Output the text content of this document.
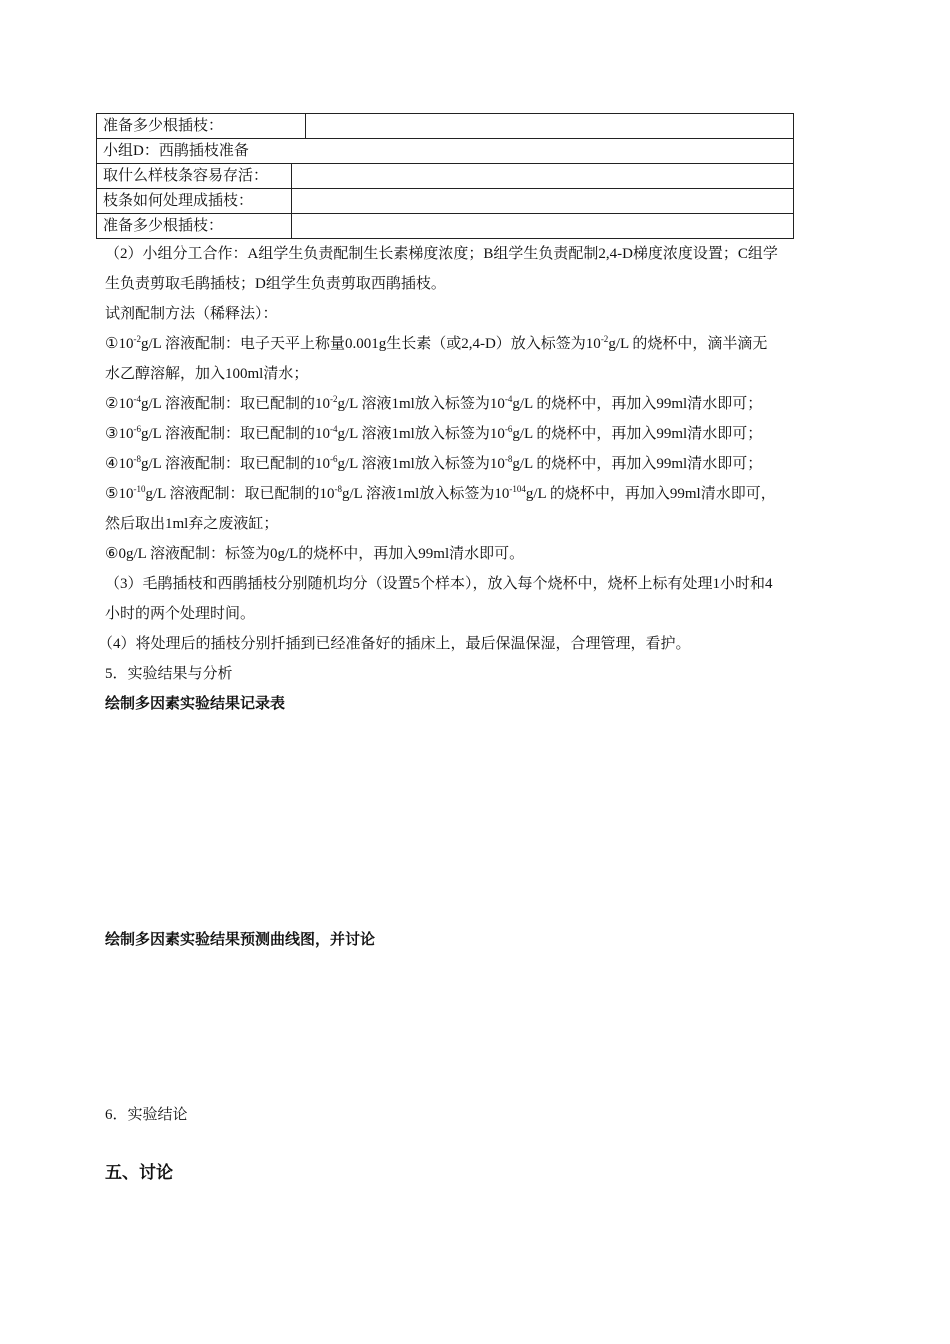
准备多少根插枝：	
小组D：西鹃插枝准备
取什么样枝条容易存活：	
枝条如何处理成插枝：	
准备多少根插枝：	
（2）小组分工合作：A组学生负责配制生长素梯度浓度；B组学生负责配制2,4-D梯度浓度设置；C组学
生负责剪取毛鹃插枝；D组学生负责剪取西鹃插枝。
试剂配制方法（稀释法）：
$①10^{-2}g/L$ 溶液配制：电子天平上称量0.001g生长素（或2,4-D）放入标签为$10^{-2}g/L$ 的烧杯中，滴半滴无
水乙醇溶解，加入100ml清水；
$②10^{-4}g/L$ 溶液配制：取已配制的$10^{-2}g/L$ 溶液1ml放入标签为$10^{-4}g/L$ 的烧杯中，再加入99ml清水即可；
$③10^{-6}g/L$ 溶液配制：取已配制的$10^{-4}g/L$ 溶液1ml放入标签为$10^{-6}g/L$ 的烧杯中，再加入99ml清水即可；
$④10^{-8}g/L$ 溶液配制：取已配制的$10^{-6}g/L$ 溶液1ml放入标签为$10^{-8}g/L$ 的烧杯中，再加入99ml清水即可；
$⑤10^{-10}g/L$ 溶液配制：取已配制的$10^{-8}g/L$ 溶液1ml放入标签为$10^{-104}g/L$ 的烧杯中，再加入99ml清水即可，
然后取出1ml弃之废液缸；
⑥0g/L 溶液配制：标签为0g/L的烧杯中，再加入99ml清水即可。
（3）毛鹃插枝和西鹃插枝分别随机均分（设置5个样本），放入每个烧杯中，烧杯上标有处理1小时和4
小时的两个处理时间。
（4）将处理后的插枝分别扦插到已经准备好的插床上，最后保温保湿，合理管理，看护。
5．实验结果与分析
绘制多因素实验结果记录表
绘制多因素实验结果预测曲线图，并讨论
6．实验结论
五、讨论
